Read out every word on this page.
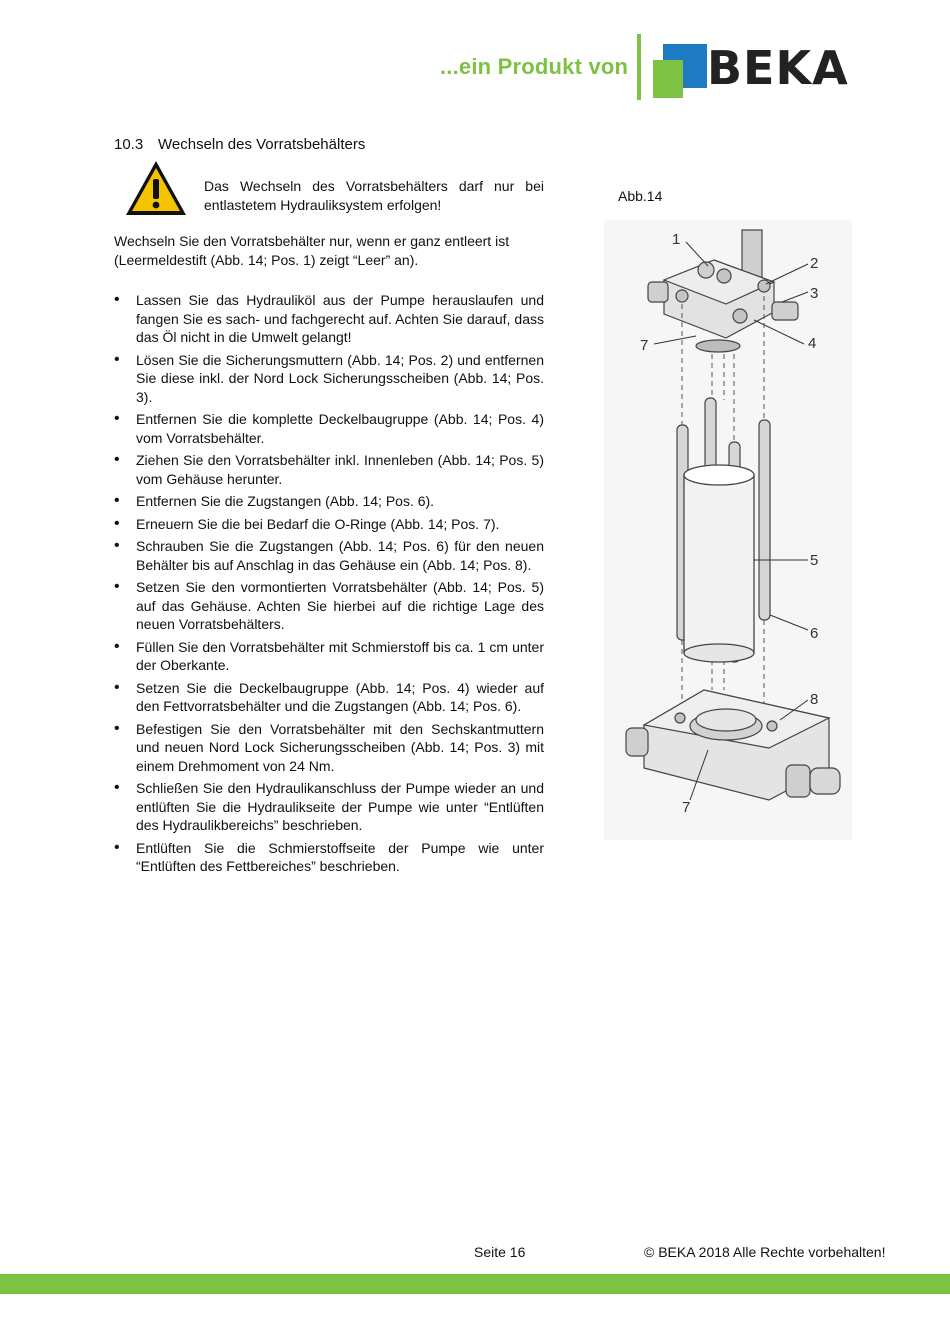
...ein Produkt von BEKA
10.3 Wechseln des Vorratsbehälters
Das Wechseln des Vorratsbehälters darf nur bei entlastetem Hydrauliksystem erfolgen!
Wechseln Sie den Vorratsbehälter nur, wenn er ganz entleert ist (Leermeldestift (Abb. 14; Pos. 1) zeigt “Leer” an).
• Lassen Sie das Hydrauliköl aus der Pumpe herauslaufen und fangen Sie es sach- und fachgerecht auf. Achten Sie darauf, dass das Öl nicht in die Umwelt gelangt!
• Lösen Sie die Sicherungsmuttern (Abb. 14; Pos. 2) und entfernen Sie diese inkl. der Nord Lock Sicherungsscheiben (Abb. 14; Pos. 3).
• Entfernen Sie die komplette Deckelbaugruppe (Abb. 14; Pos. 4) vom Vorratsbehälter.
• Ziehen Sie den Vorratsbehälter inkl. Innenleben (Abb. 14; Pos. 5) vom Gehäuse herunter.
• Entfernen Sie die Zugstangen (Abb. 14; Pos. 6).
• Erneuern Sie die bei Bedarf die O-Ringe (Abb. 14; Pos. 7).
• Schrauben Sie die Zugstangen (Abb. 14; Pos. 6) für den neuen Behälter bis auf Anschlag in das Gehäuse ein (Abb. 14; Pos. 8).
• Setzen Sie den vormontierten Vorratsbehälter (Abb. 14; Pos. 5) auf das Gehäuse. Achten Sie hierbei auf die richtige Lage des neuen Vorratsbehälters.
• Füllen Sie den Vorratsbehälter mit Schmierstoff bis ca. 1 cm unter der Oberkante.
• Setzen Sie die Deckelbaugruppe (Abb. 14; Pos. 4) wieder auf den Fettvorratsbehälter und die Zugstangen (Abb. 14; Pos. 6).
• Befestigen Sie den Vorratsbehälter mit den Sechskantmuttern und neuen Nord Lock Sicherungsscheiben (Abb. 14; Pos. 3) mit einem Drehmoment von 24 Nm.
• Schließen Sie den Hydraulikanschluss der Pumpe wieder an und entlüften Sie die Hydraulikseite der Pumpe wie unter “Entlüften des Hydraulikbereichs” beschrieben.
• Entlüften Sie die Schmierstoffseite der Pumpe wie unter “Entlüften des Fettbereiches” beschrieben.
Abb.14
1
2
3
4
5
6
7
7
8
Seite 16	© BEKA 2018 Alle Rechte vorbehalten!
